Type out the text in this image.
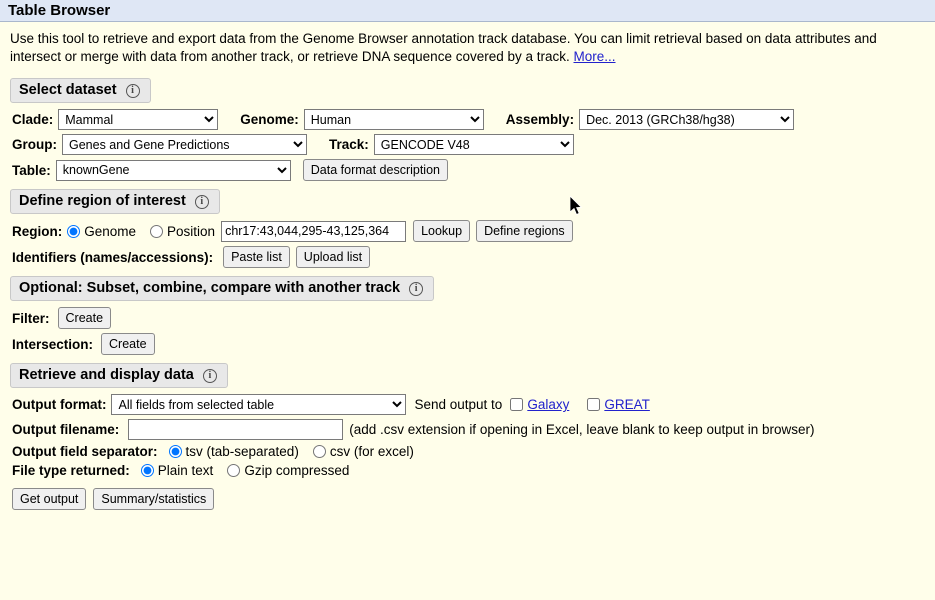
Table Browser
Use this tool to retrieve and export data from the Genome Browser annotation track database. You can limit retrieval based on data attributes and intersect or merge with data from another track, or retrieve DNA sequence covered by a track. More...
Select dataset i
Clade:
Mammal	Genome:
Human	Assembly:
Dec. 2013 (GRCh38/hg38)
Group:
Genes and Gene Predictions	Track:
GENCODE V48
Table:
knownGene	Data format description
Define region of interest i
Region: Genome Position
chr17:43,044,295-43,125,364	Lookup	Define regions
Identifiers (names/accessions):	Paste list	Upload list
Optional: Subset, combine, compare with another track i
Filter:	Create
Intersection:	Create
Retrieve and display data i
Output format:
All fields from selected table	Send output to Galaxy	GREAT
Output filename:	(add .csv extension if opening in Excel, leave blank to keep output in browser)
Output field separator: tsv (tab-separated) csv (for excel)
File type returned: Plain text Gzip compressed
Get output	Summary/statistics
